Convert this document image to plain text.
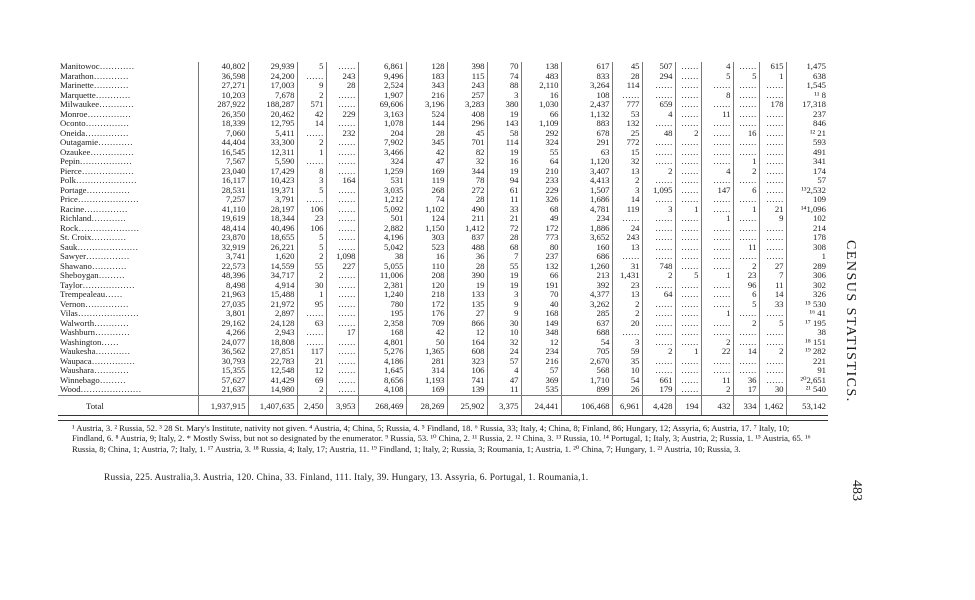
Manitowoc…………	40,802	29,939	5	……	6,861	128	398	70	138	617	45	507	……	4	……	615	1,475
Marathon…………	36,598	24,200	……	243	9,496	183	115	74	483	833	28	294	……	5	5	1	638
Marinette…………	27,271	17,003	9	28	2,524	343	243	88	2,110	3,264	114	……	……	……	……	……	1,545
Marquette…………	10,203	7,678	2	……	1,907	216	257	3	16	108	……	……	……	8	……	……	¹¹ 8
Milwaukee…………	287,922	188,287	571	……	69,606	3,196	3,283	380	1,030	2,437	777	659	……	……	……	178	17,318
Monroe……………	26,350	20,462	42	229	3,163	524	408	19	66	1,132	53	4	……	11	……	……	237
Oconto……………	18,339	12,795	14	……	1,078	144	296	143	1,109	883	132	……	……	……	……	……	846
Oneida……………	7,060	5,411	……	232	204	28	45	58	292	678	25	48	2	……	16	……	¹² 21
Outagamie…………	44,404	33,300	2	……	7,902	345	701	114	324	291	772	……	……	……	……	……	593
Ozaukee……………	16,545	12,311	1	……	3,466	42	82	19	55	63	15	……	……	……	……	……	491
Pepin………………	7,567	5,590	……	……	324	47	32	16	64	1,120	32	……	……	……	1	……	341
Pierce………………	23,040	17,429	8	……	1,259	169	344	19	210	3,407	13	2	……	4	2	……	174
Polk…………………	16,117	10,423	3	164	531	119	78	94	233	4,413	2	……	……	……	……	……	57
Portage……………	28,531	19,371	5	……	3,035	268	272	61	229	1,507	3	1,095	……	147	6	……	¹³2,532
Price…………………	7,257	3,791	……	……	1,212	74	28	11	326	1,686	14	……	……	……	……	……	109
Racine……………	41,110	28,197	106	……	5,092	1,102	490	33	68	4,781	119	3	1	……	1	21	¹⁴1,096
Richland…………	19,619	18,344	23	……	501	124	211	21	49	234	……	……	……	1	……	9	102
Rock…………………	48,414	40,496	106	……	2,882	1,150	1,412	72	172	1,886	24	……	……	……	……	……	214
St. Croix…………	23,870	18,655	5	……	4,196	303	837	28	773	3,652	243	……	……	……	……	……	178
Sauk…………………	32,919	26,221	5	……	5,042	523	488	68	80	160	13	……	……	……	11	……	308
Sawyer……………	3,741	1,620	2	1,098	38	16	36	7	237	686	……	……	……	……	……	……	1
Shawano…………	22,573	14,559	55	227	5,055	110	28	55	132	1,260	31	748	……	……	2	27	289
Sheboygan………	48,396	34,717	2	……	11,006	208	390	19	66	213	1,431	2	5	1	23	7	306
Taylor………………	8,498	4,914	30	……	2,381	120	19	19	191	392	23	……	……	……	96	11	302
Trempealeau……	21,963	15,488	1	……	1,240	218	133	3	70	4,377	13	64	……	……	6	14	326
Vernon……………	27,035	21,972	95	……	780	172	135	9	40	3,262	2	……	……	……	5	33	¹⁵ 530
Vilas…………………	3,801	2,897	……	……	195	176	27	9	168	285	2	……	……	1	……	……	¹⁶ 41
Walworth…………	29,162	24,128	63	……	2,358	709	866	30	149	637	20	……	……	……	2	5	¹⁷ 195
Washburn…………	4,266	2,943	……	17	168	42	12	10	348	688	……	……	……	……	……	……	38
Washington……	24,077	18,808	……	……	4,801	50	164	32	12	54	3	……	……	2	……	……	¹⁸ 151
Waukesha…………	36,562	27,851	117	……	5,276	1,365	608	24	234	705	59	2	1	22	14	2	¹⁹ 282
Waupaca……………	30,793	22,783	21	……	4,186	281	323	57	216	2,670	35	……	……	……	……	……	221
Waushara…………	15,355	12,548	12	……	1,645	314	106	4	57	568	10	……	……	……	……	……	91
Winnebago………	57,627	41,429	69	……	8,656	1,193	741	47	369	1,710	54	661	……	11	36	……	²⁰2,651
Wood…………………	21,637	14,980	2	……	4,108	169	139	11	535	899	26	179	……	2	17	30	²¹ 540
Total	1,937,915	1,407,635	2,450	3,953	268,469	28,269	25,902	3,375	24,441	106,468	6,961	4,428	194	432	334	1,462	53,142

¹ Austria, 3. ² Russia, 52. ³ 28 St. Mary's Institute, nativity not given. ⁴ Austria, 4; China, 5; Russia, 4. ⁵ Findland, 18. ⁶ Russia, 33; Italy, 4; China, 8; Finland, 86; Hungary, 12; Assyria, 6; Austria, 17. ⁷ Italy, 10; Findland, 6. ⁸ Austria, 9; Italy, 2. * Mostly Swiss, but not so designated by the enumerator. ⁹ Russia, 53. ¹⁰ China, 2. ¹¹ Russia, 2. ¹² China, 3. ¹³ Russia, 10. ¹⁴ Portugal, 1; Italy, 3; Austria, 2; Russia, 1. ¹⁵ Austria, 65. ¹⁶ Russia, 8; China, 1; Austria, 7; Italy, 1. ¹⁷ Austria, 3. ¹⁸ Russia, 4; Italy, 17; Austria, 11. ¹⁹ Findland, 1; Italy, 2; Russia, 3; Roumania, 1; Austria, 1. ²⁰ China, 7; Hungary, 1. ²¹ Austria, 10; Russia, 3.

Russia, 225. Australia,3. Austria, 120. China, 33. Finland, 111. Italy, 39. Hungary, 13. Assyria, 6. Portugal, 1. Roumania,1.
CENSUS STATISTICS.
483
